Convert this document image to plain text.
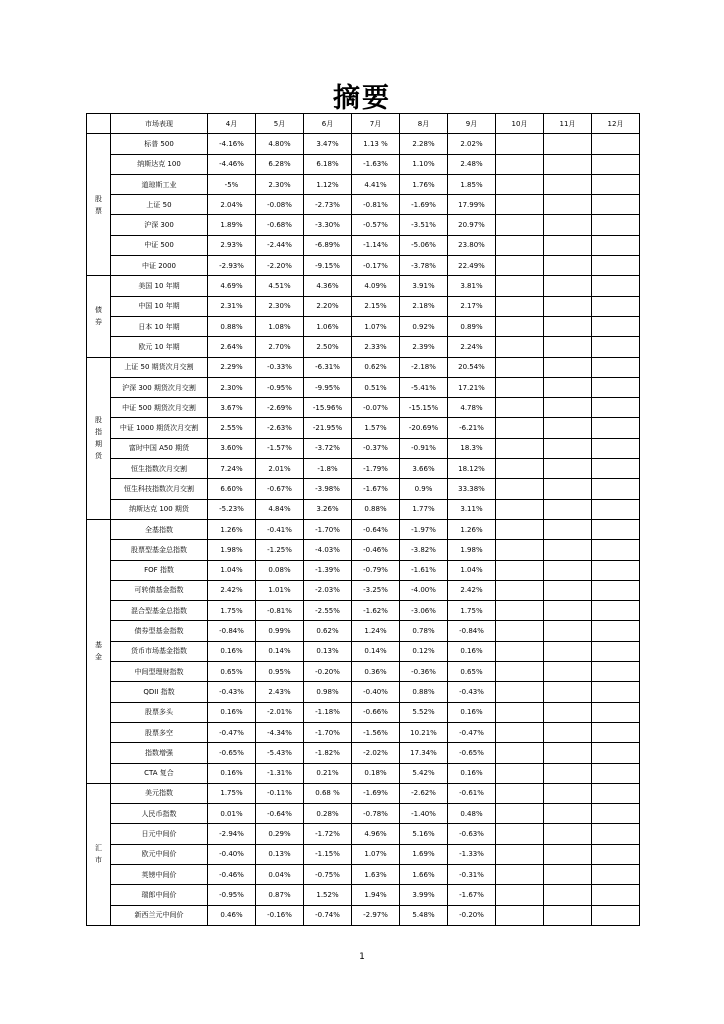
摘要
	市场表现	4月	5月	6月	7月	8月	9月	10月	11月	12月

股
票	标普 500	-4.16%	4.80%	3.47%	1.13 %	2.28%	2.02%			
	纳斯达克 100	-4.46%	6.28%	6.18%	-1.63%	1.10%	2.48%			
	道琼斯工业	-5%	2.30%	1.12%	4.41%	1.76%	1.85%			
	上证 50	2.04%	-0.08%	-2.73%	-0.81%	-1.69%	17.99%			
	沪深 300	1.89%	-0.68%	-3.30%	-0.57%	-3.51%	20.97%			
	中证 500	2.93%	-2.44%	-6.89%	-1.14%	-5.06%	23.80%			
	中证 2000	-2.93%	-2.20%	-9.15%	-0.17%	-3.78%	22.49%			

债
券	美国 10 年期	4.69%	4.51%	4.36%	4.09%	3.91%	3.81%			
	中国 10 年期	2.31%	2.30%	2.20%	2.15%	2.18%	2.17%			
	日本 10 年期	0.88%	1.08%	1.06%	1.07%	0.92%	0.89%			
	欧元 10 年期	2.64%	2.70%	2.50%	2.33%	2.39%	2.24%			

股
指
期
货	上证 50 期货次月交割	2.29%	-0.33%	-6.31%	0.62%	-2.18%	20.54%			
	沪深 300 期货次月交割	2.30%	-0.95%	-9.95%	0.51%	-5.41%	17.21%			
	中证 500 期货次月交割	3.67%	-2.69%	-15.96%	-0.07%	-15.15%	4.78%			
	中证 1000 期货次月交割	2.55%	-2.63%	-21.95%	1.57%	-20.69%	-6.21%			
	富时中国 A50 期货	3.60%	-1.57%	-3.72%	-0.37%	-0.91%	18.3%			
	恒生指数次月交割	7.24%	2.01%	-1.8%	-1.79%	3.66%	18.12%			
	恒生科技指数次月交割	6.60%	-0.67%	-3.98%	-1.67%	0.9%	33.38%			
	纳斯达克 100 期货	-5.23%	4.84%	3.26%	0.88%	1.77%	3.11%			

基
金	全基指数	1.26%	-0.41%	-1.70%	-0.64%	-1.97%	1.26%			
	股票型基金总指数	1.98%	-1.25%	-4.03%	-0.46%	-3.82%	1.98%			
	FOF 指数	1.04%	0.08%	-1.39%	-0.79%	-1.61%	1.04%			
	可转债基金指数	2.42%	1.01%	-2.03%	-3.25%	-4.00%	2.42%			
	混合型基金总指数	1.75%	-0.81%	-2.55%	-1.62%	-3.06%	1.75%			
	债券型基金指数	-0.84%	0.99%	0.62%	1.24%	0.78%	-0.84%			
	货币市场基金指数	0.16%	0.14%	0.13%	0.14%	0.12%	0.16%			
	中间型理财指数	0.65%	0.95%	-0.20%	0.36%	-0.36%	0.65%			
	QDII 指数	-0.43%	2.43%	0.98%	-0.40%	0.88%	-0.43%			
	股票多头	0.16%	-2.01%	-1.18%	-0.66%	5.52%	0.16%			
	股票多空	-0.47%	-4.34%	-1.70%	-1.56%	10.21%	-0.47%			
	指数增强	-0.65%	-5.43%	-1.82%	-2.02%	17.34%	-0.65%			
	CTA 复合	0.16%	-1.31%	0.21%	0.18%	5.42%	0.16%			

汇
市	美元指数	1.75%	-0.11%	0.68 %	-1.69%	-2.62%	-0.61%			
	人民币指数	0.01%	-0.64%	0.28%	-0.78%	-1.40%	0.48%			
	日元中间价	-2.94%	0.29%	-1.72%	4.96%	5.16%	-0.63%			
	欧元中间价	-0.40%	0.13%	-1.15%	1.07%	1.69%	-1.33%			
	英镑中间价	-0.46%	0.04%	-0.75%	1.63%	1.66%	-0.31%			
	瑞郎中间价	-0.95%	0.87%	1.52%	1.94%	3.99%	-1.67%			
	新西兰元中间价	0.46%	-0.16%	-0.74%	-2.97%	5.48%	-0.20%			
1
